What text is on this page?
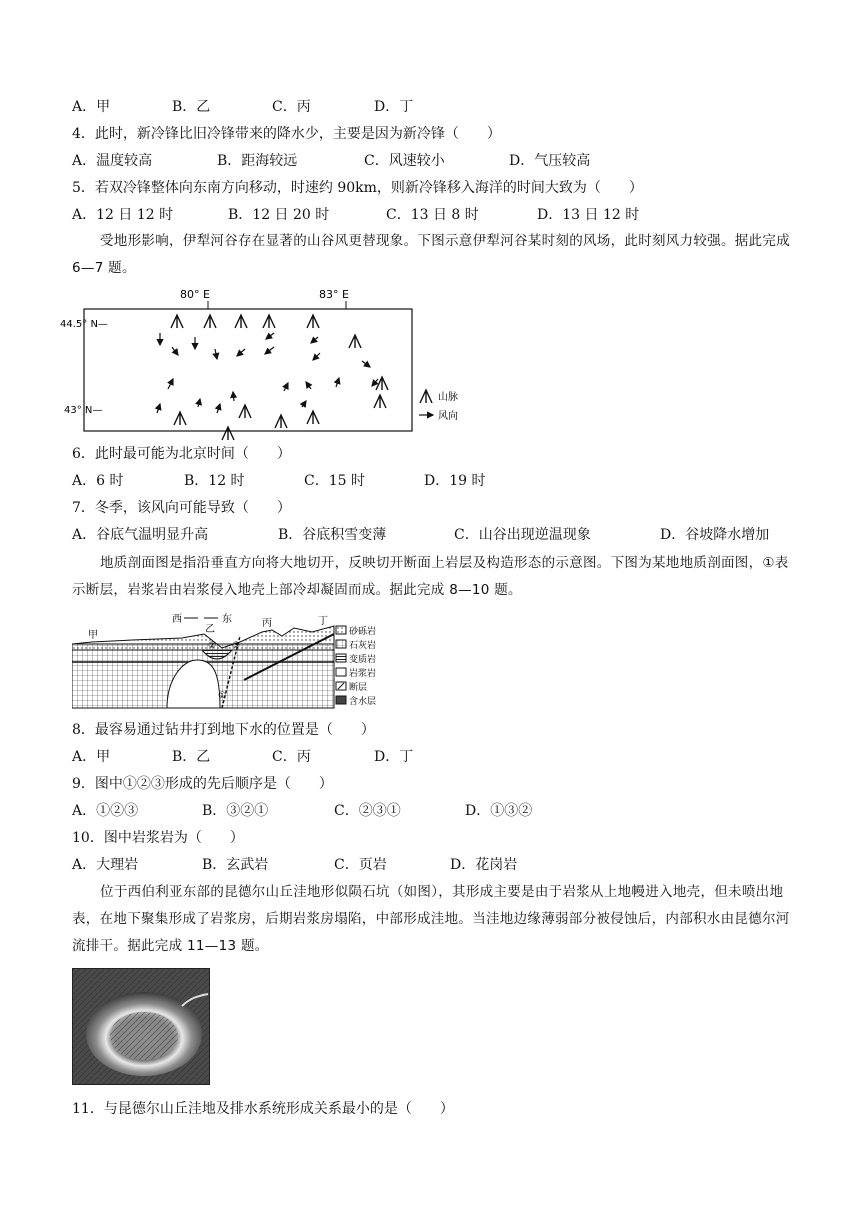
A．甲	B．乙	C．丙	D．丁
4．此时，新冷锋比旧冷锋带来的降水少，主要是因为新冷锋（　　）
A．温度较高	B．距海较远	C．风速较小	D．气压较高
5．若双冷锋整体向东南方向移动，时速约 90km，则新冷锋移入海洋的时间大致为（　　）
A．12 日 12 时	B．12 日 20 时	C．13 日 8 时	D．13 日 12 时
受地形影响，伊犁河谷存在显著的山谷风更替现象。下图示意伊犁河谷某时刻的风场，此时刻风力较强。据此完成 6—7 题。
80° E	83° E
44.5° N—
43° N—
山脉
风向
6．此时最可能为北京时间（　　）
A．6 时	B．12 时	C．15 时	D．19 时
7．冬季，该风向可能导致（　　）
A．谷底气温明显升高	B．谷底积雪变薄	C．山谷出现逆温现象	D．谷坡降水增加
地质剖面图是指沿垂直方向将大地切开，反映切开断面上岩层及构造形态的示意图。下图为某地地质剖面图，①表示断层，岩浆岩由岩浆侵入地壳上部冷却凝固而成。据此完成 8—10 题。
西	东
甲
乙
丙	丁
①
② ③
砂砾岩
石灰岩
变质岩
岩浆岩
断层
含水层
8．最容易通过钻井打到地下水的位置是（　　）
A．甲	B．乙	C．丙	D．丁
9．图中①②③形成的先后顺序是（　　）
A．①②③	B．③②①	C．②③①	D．①③②
10．图中岩浆岩为（　　）
A．大理岩	B．玄武岩	C．页岩	D．花岗岩
位于西伯利亚东部的昆德尔山丘洼地形似陨石坑（如图），其形成主要是由于岩浆从上地幔进入地壳，但未喷出地表，在地下聚集形成了岩浆房，后期岩浆房塌陷，中部形成洼地。当洼地边缘薄弱部分被侵蚀后，内部积水由昆德尔河流排干。据此完成 11—13 题。
11．与昆德尔山丘洼地及排水系统形成关系最小的是（　　）
